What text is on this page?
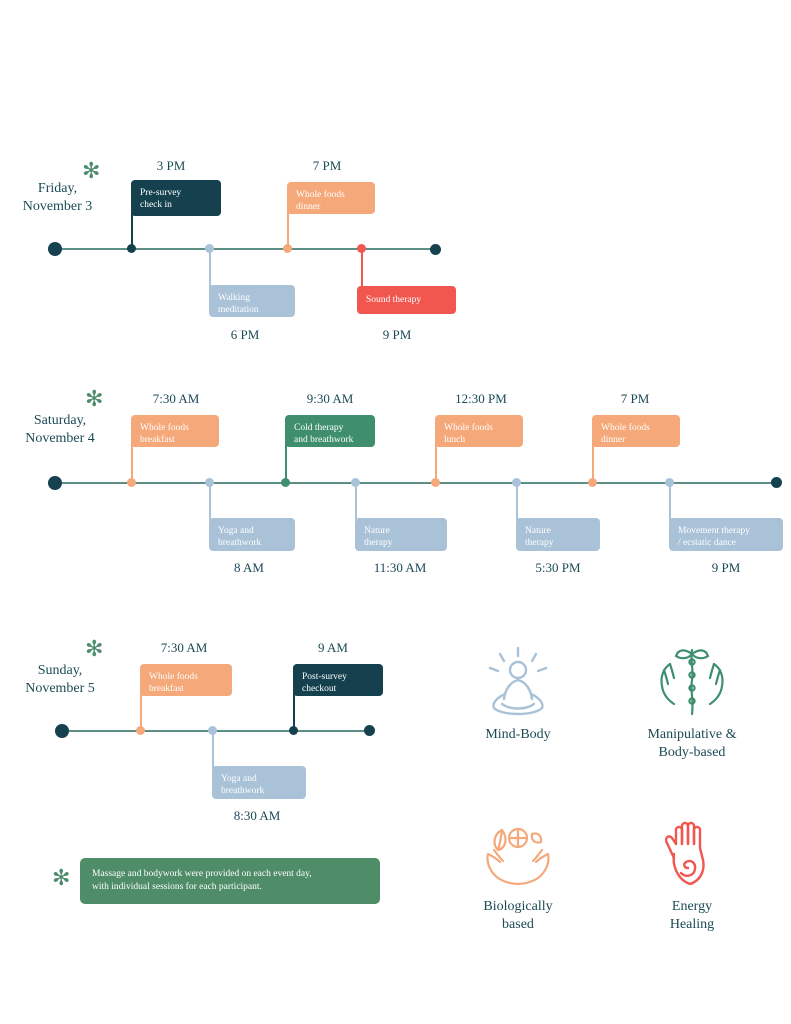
✻
Friday,
November 3
Pre-survey
check in
3 PM
Walking
meditation
6 PM
Whole foods
dinner
7 PM
Sound therapy
9 PM
✻
Saturday,
November 4
Whole foods
breakfast
7:30 AM
Yoga and
breathwork
8 AM
Cold therapy
and breathwork
9:30 AM
Nature
therapy
11:30 AM
Whole foods
lunch
12:30 PM
Nature
therapy
5:30 PM
Whole foods
dinner
7 PM
Movement therapy
/ ecstatic dance
9 PM
✻
Sunday,
November 5
Whole foods
breakfast
7:30 AM
Yoga and
breathwork
8:30 AM
Post-survey
checkout
9 AM
✻ Massage and bodywork were provided on each event day,
with individual sessions for each participant.
Mind-Body	Manipulative &
Body-based
Biologically
based
Energy
Healing
